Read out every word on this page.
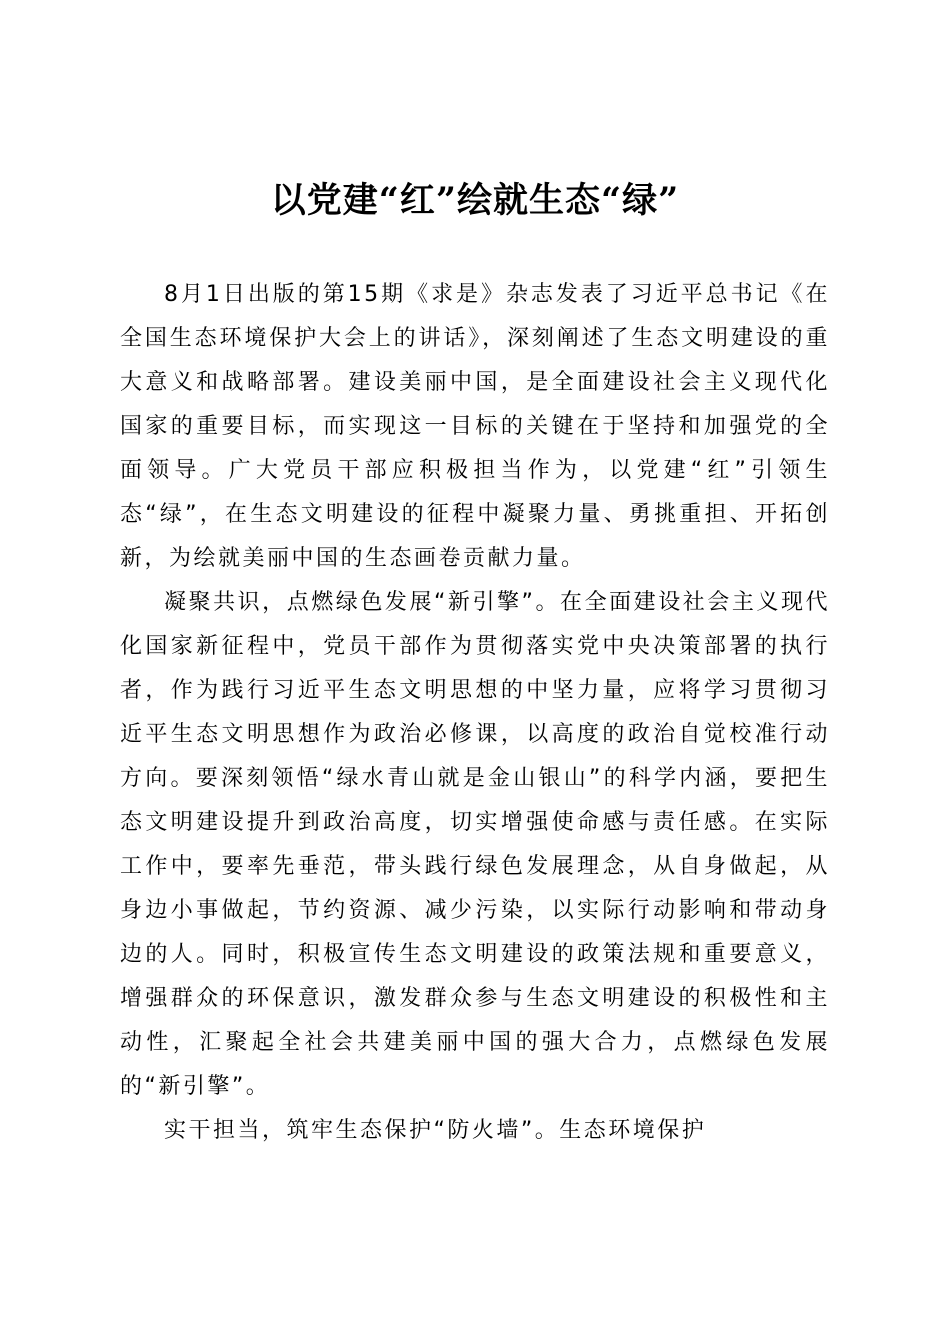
以党建“红”绘就生态“绿”

8月1日出版的第15期《求是》杂志发表了习近平总书记《在全国生态环境保护大会上的讲话》，深刻阐述了生态文明建设的重大意义和战略部署。建设美丽中国，是全面建设社会主义现代化国家的重要目标，而实现这一目标的关键在于坚持和加强党的全面领导。广大党员干部应积极担当作为，以党建“红”引领生态“绿”，在生态文明建设的征程中凝聚力量、勇挑重担、开拓创新，为绘就美丽中国的生态画卷贡献力量。

凝聚共识，点燃绿色发展“新引擎”。在全面建设社会主义现代化国家新征程中，党员干部作为贯彻落实党中央决策部署的执行者，作为践行习近平生态文明思想的中坚力量，应将学习贯彻习近平生态文明思想作为政治必修课，以高度的政治自觉校准行动方向。要深刻领悟“绿水青山就是金山银山”的科学内涵，要把生态文明建设提升到政治高度，切实增强使命感与责任感。在实际工作中，要率先垂范，带头践行绿色发展理念，从自身做起，从身边小事做起，节约资源、减少污染，以实际行动影响和带动身边的人。同时，积极宣传生态文明建设的政策法规和重要意义，增强群众的环保意识，激发群众参与生态文明建设的积极性和主动性，汇聚起全社会共建美丽中国的强大合力，点燃绿色发展的“新引擎”。

实干担当，筑牢生态保护“防火墙”。生态环境保护
